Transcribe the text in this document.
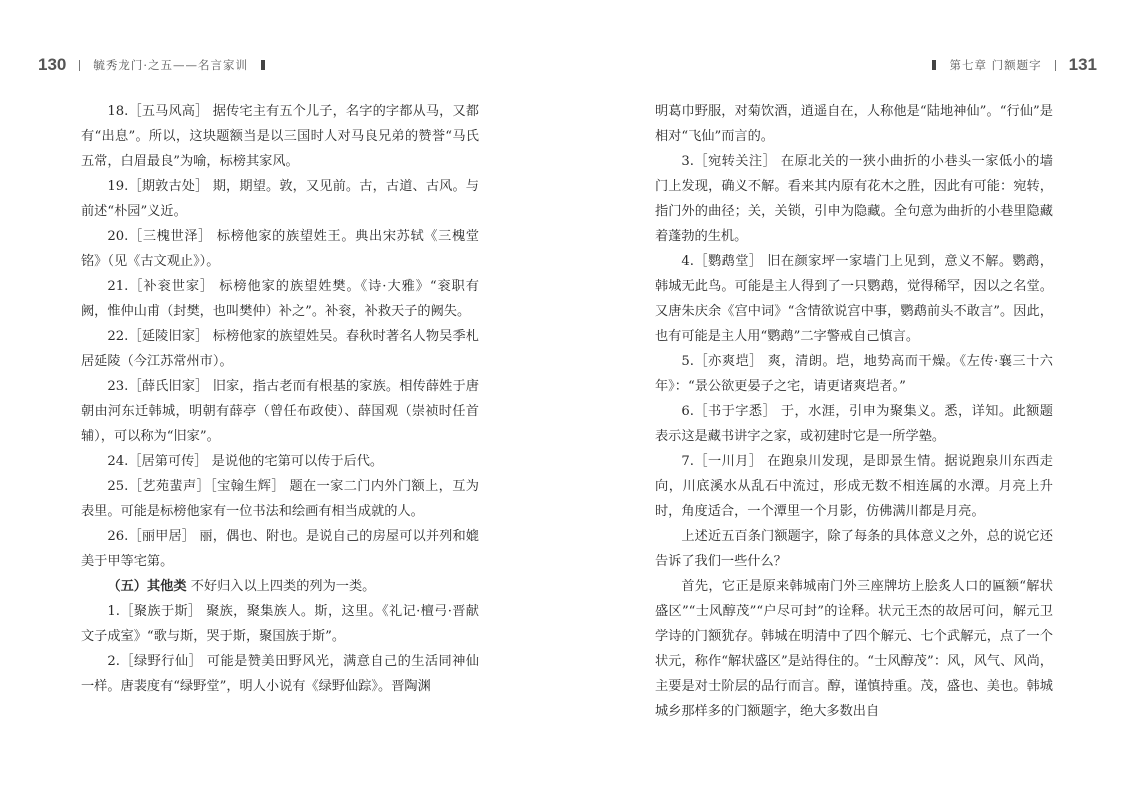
130 毓秀龙门·之五——名言家训	第七章 门额题字 131

18.［五马风高］ 据传宅主有五个儿子，名字的字都从马，又都有“出息”。所以，这块题额当是以三国时人对马良兄弟的赞誉“马氏五常，白眉最良”为喻，标榜其家风。

19.［期敦古处］ 期，期望。敦，又见前。古，古道、古风。与前述“朴园”义近。

20.［三槐世泽］ 标榜他家的族望姓王。典出宋苏轼《三槐堂铭》（见《古文观止》）。

21.［补衮世家］ 标榜他家的族望姓樊。《诗·大雅》“衮职有阙，惟仲山甫（封樊，也叫樊仲）补之”。补衮，补救天子的阙失。

22.［延陵旧家］ 标榜他家的族望姓吴。春秋时著名人物吴季札居延陵（今江苏常州市）。

23.［薛氏旧家］ 旧家，指古老而有根基的家族。相传薛姓于唐朝由河东迁韩城，明朝有薛亭（曾任布政使）、薛国观（崇祯时任首辅），可以称为“旧家”。

24.［居第可传］ 是说他的宅第可以传于后代。

25.［艺苑蜚声］［宝翰生辉］ 题在一家二门内外门额上，互为表里。可能是标榜他家有一位书法和绘画有相当成就的人。

26.［丽甲居］ 丽，偶也、附也。是说自己的房屋可以并列和媲美于甲等宅第。

（五）其他类 不好归入以上四类的列为一类。

1.［聚族于斯］ 聚族，聚集族人。斯，这里。《礼记·檀弓·晋献文子成室》“歌与斯，哭于斯，聚国族于斯”。

2.［绿野行仙］ 可能是赞美田野风光，满意自己的生活同神仙一样。唐裴度有“绿野堂”，明人小说有《绿野仙踪》。晋陶渊

明葛巾野服，对菊饮酒，逍遥自在，人称他是“陆地神仙”。“行仙”是相对“飞仙”而言的。

3.［宛转关注］ 在原北关的一狭小曲折的小巷头一家低小的墙门上发现，确义不解。看来其内原有花木之胜，因此有可能：宛转，指门外的曲径；关，关锁，引申为隐藏。全句意为曲折的小巷里隐藏着蓬勃的生机。

4.［鹦鹉堂］ 旧在颜家坪一家墙门上见到，意义不解。鹦鹉，韩城无此鸟。可能是主人得到了一只鹦鹉，觉得稀罕，因以之名堂。又唐朱庆余《宫中词》“含情欲说宫中事，鹦鹉前头不敢言”。因此，也有可能是主人用“鹦鹉”二字警戒自己慎言。

5.［亦爽垲］ 爽，清朗。垲，地势高而干燥。《左传·襄三十六年》：“景公欲更晏子之宅，请更诸爽垲者。”

6.［书于字悉］ 于，水涯，引申为聚集义。悉，详知。此额题表示这是藏书讲字之家，或初建时它是一所学塾。

7.［一川月］ 在跑泉川发现，是即景生情。据说跑泉川东西走向，川底溪水从乱石中流过，形成无数不相连属的水潭。月亮上升时，角度适合，一个潭里一个月影，仿佛满川都是月亮。

上述近五百条门额题字，除了每条的具体意义之外，总的说它还告诉了我们一些什么？

首先，它正是原来韩城南门外三座牌坊上脍炙人口的匾额“解状盛区”“士风醇茂”“户尽可封”的诠释。状元王杰的故居可问，解元卫学诗的门额犹存。韩城在明清中了四个解元、七个武解元，点了一个状元，称作“解状盛区”是站得住的。“士风醇茂”：风，风气、风尚，主要是对士阶层的品行而言。醇，谨慎持重。茂，盛也、美也。韩城城乡那样多的门额题字，绝大多数出自
